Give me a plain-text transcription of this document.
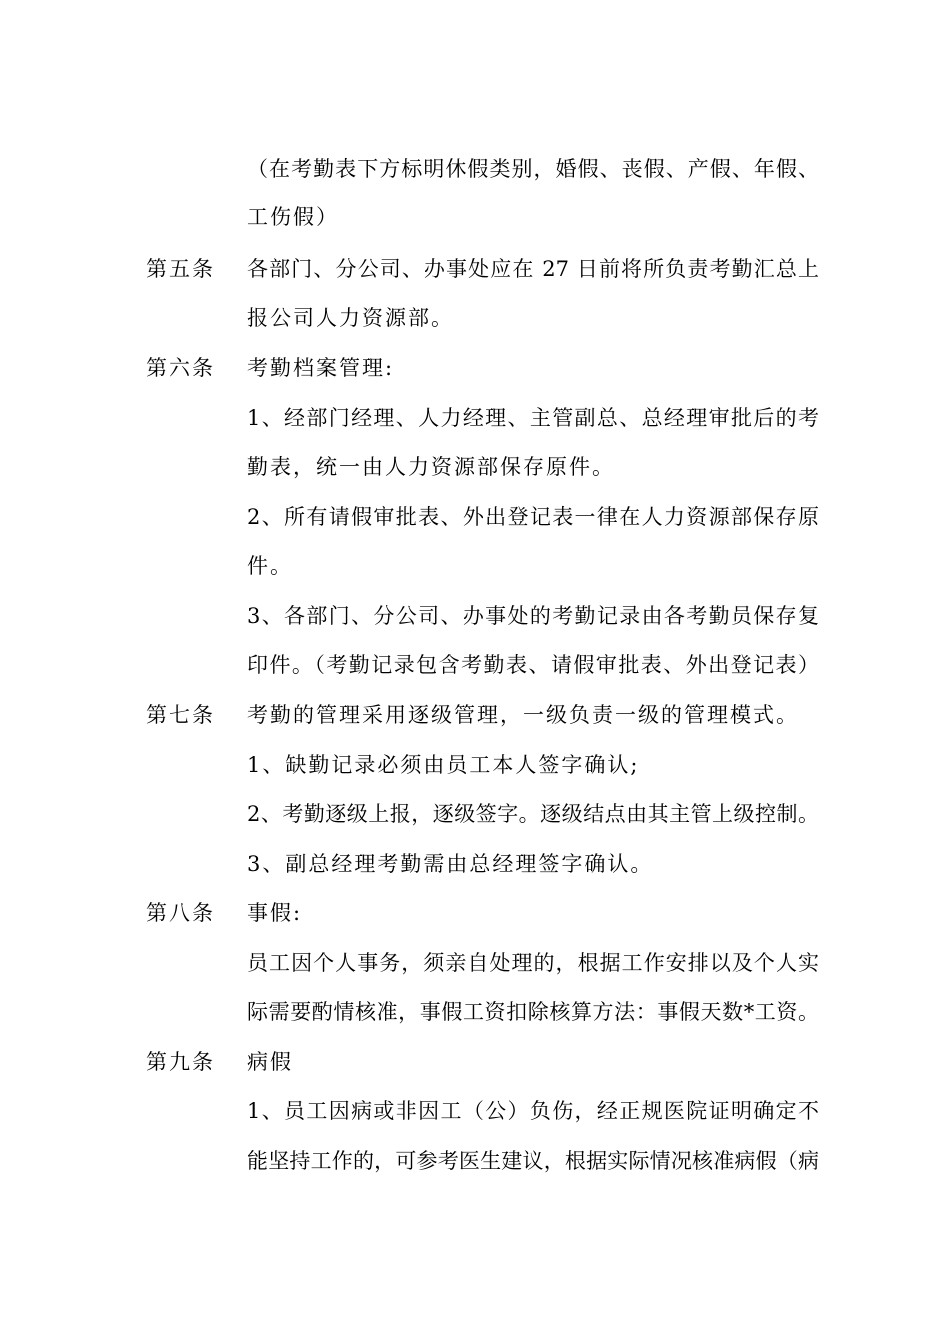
（在考勤表下方标明休假类别，婚假、丧假、产假、年假、
工伤假）
第五条 各部门、分公司、办事处应在 27 日前将所负责考勤汇总上
报公司人力资源部。
第六条 考勤档案管理:
1、经部门经理、人力经理、主管副总、总经理审批后的考
勤表，统一由人力资源部保存原件。
2、所有请假审批表、外出登记表一律在人力资源部保存原
件。
3、各部门、分公司、办事处的考勤记录由各考勤员保存复
印件。（考勤记录包含考勤表、请假审批表、外出登记表）
第七条 考勤的管理采用逐级管理，一级负责一级的管理模式。
1、缺勤记录必须由员工本人签字确认;
2、考勤逐级上报，逐级签字。逐级结点由其主管上级控制。
3、副总经理考勤需由总经理签字确认。
第八条 事假:
员工因个人事务，须亲自处理的，根据工作安排以及个人实
际需要酌情核准，事假工资扣除核算方法：事假天数*工资。
第九条 病假
1、员工因病或非因工（公）负伤，经正规医院证明确定不
能坚持工作的，可参考医生建议，根据实际情况核准病假（病
